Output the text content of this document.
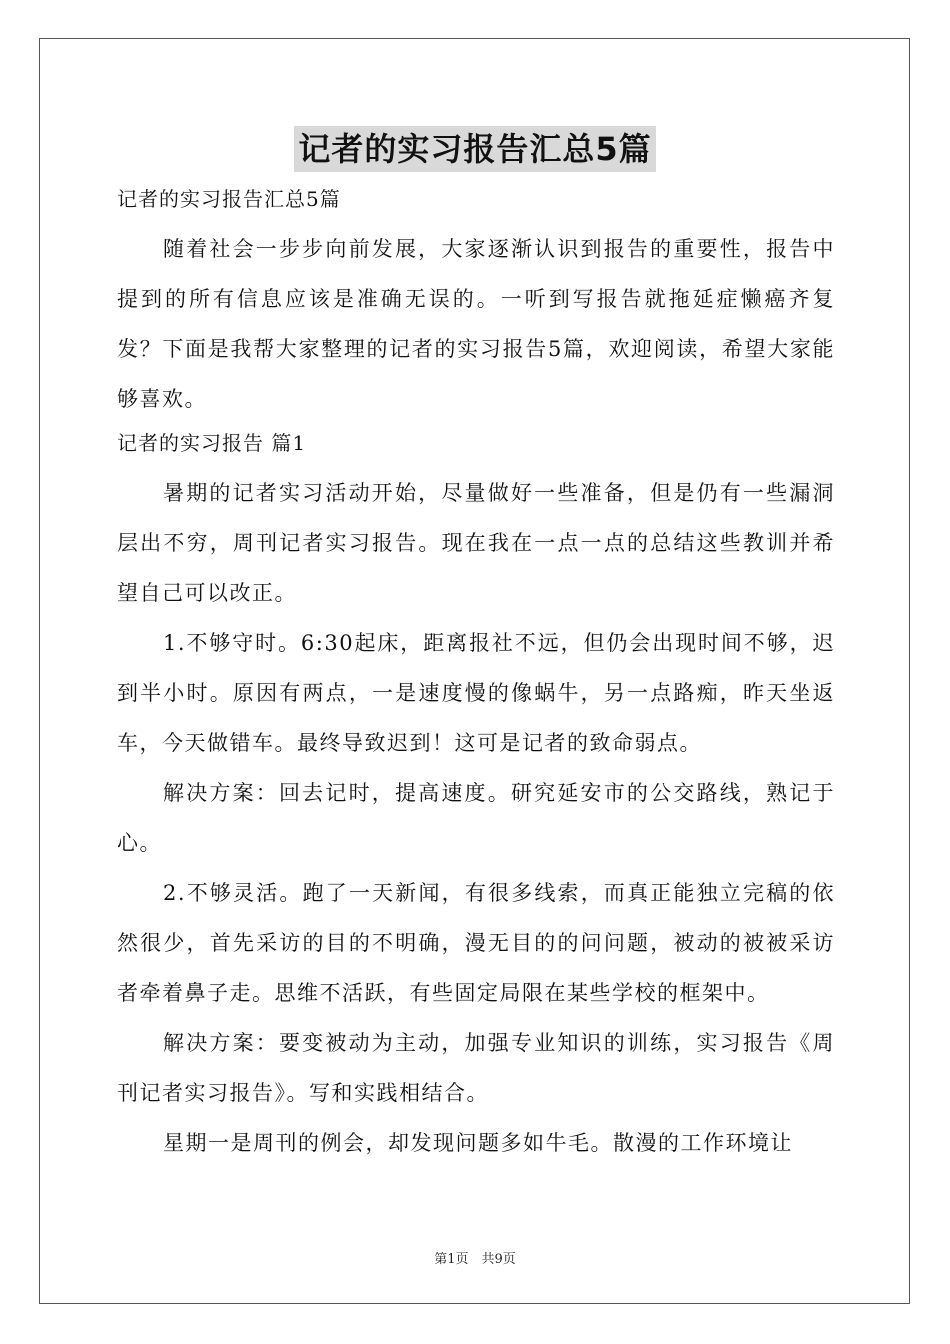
记者的实习报告汇总5篇

记者的实习报告汇总5篇

随着社会一步步向前发展，大家逐渐认识到报告的重要性，报告中提到的所有信息应该是准确无误的。一听到写报告就拖延症懒癌齐复发？下面是我帮大家整理的记者的实习报告5篇，欢迎阅读，希望大家能够喜欢。

记者的实习报告 篇1

暑期的记者实习活动开始，尽量做好一些准备，但是仍有一些漏洞层出不穷，周刊记者实习报告。现在我在一点一点的总结这些教训并希望自己可以改正。

1.不够守时。6:30起床，距离报社不远，但仍会出现时间不够，迟到半小时。原因有两点，一是速度慢的像蜗牛，另一点路痴，昨天坐返车，今天做错车。最终导致迟到！这可是记者的致命弱点。

解决方案：回去记时，提高速度。研究延安市的公交路线，熟记于心。

2.不够灵活。跑了一天新闻，有很多线索，而真正能独立完稿的依然很少，首先采访的目的不明确，漫无目的的问问题，被动的被被采访者牵着鼻子走。思维不活跃，有些固定局限在某些学校的框架中。

解决方案：要变被动为主动，加强专业知识的训练，实习报告《周刊记者实习报告》。写和实践相结合。

星期一是周刊的例会，却发现问题多如牛毛。散漫的工作环境让

第1页　共9页
